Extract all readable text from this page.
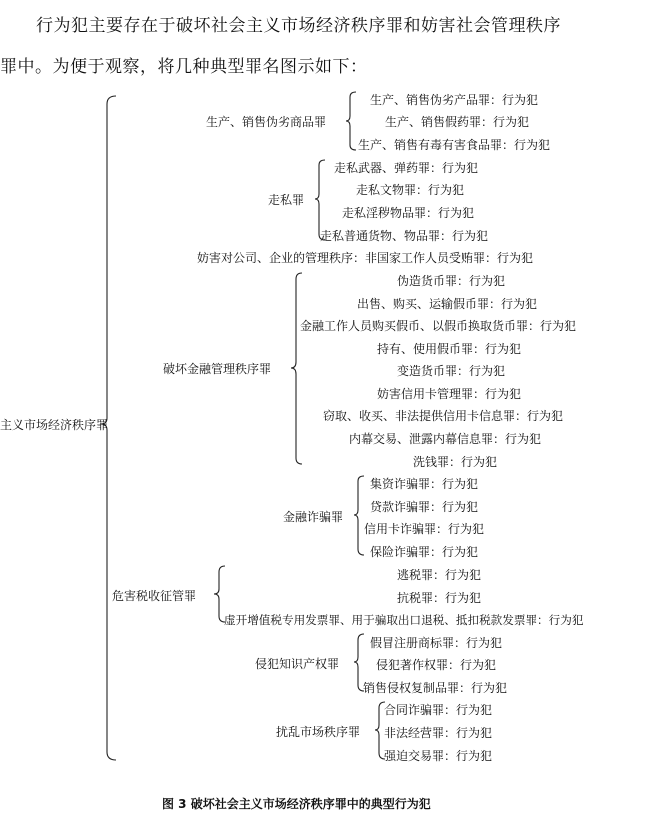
行为犯主要存在于破坏社会主义市场经济秩序罪和妨害社会管理秩序
罪中。为便于观察，将几种典型罪名图示如下：
主义市场经济秩序罪
生产、销售伪劣商品罪
生产、销售伪劣产品罪：行为犯
生产、销售假药罪：行为犯
生产、销售有毒有害食品罪：行为犯
走私罪
走私武器、弹药罪：行为犯
走私文物罪：行为犯
走私淫秽物品罪：行为犯
走私普通货物、物品罪：行为犯
妨害对公司、企业的管理秩序：非国家工作人员受贿罪：行为犯
破坏金融管理秩序罪
伪造货币罪：行为犯
出售、购买、运输假币罪：行为犯
金融工作人员购买假币、以假币换取货币罪：行为犯
持有、使用假币罪：行为犯
变造货币罪：行为犯
妨害信用卡管理罪：行为犯
窃取、收买、非法提供信用卡信息罪：行为犯
内幕交易、泄露内幕信息罪：行为犯
洗钱罪：行为犯
金融诈骗罪
集资诈骗罪：行为犯
贷款诈骗罪：行为犯
信用卡诈骗罪：行为犯
保险诈骗罪：行为犯
危害税收征管罪
逃税罪：行为犯
抗税罪：行为犯
虚开增值税专用发票罪、用于骗取出口退税、抵扣税款发票罪：行为犯
侵犯知识产权罪
假冒注册商标罪：行为犯
侵犯著作权罪：行为犯
销售侵权复制品罪：行为犯
扰乱市场秩序罪
合同诈骗罪：行为犯
非法经营罪：行为犯
强迫交易罪：行为犯
图 3 破坏社会主义市场经济秩序罪中的典型行为犯
